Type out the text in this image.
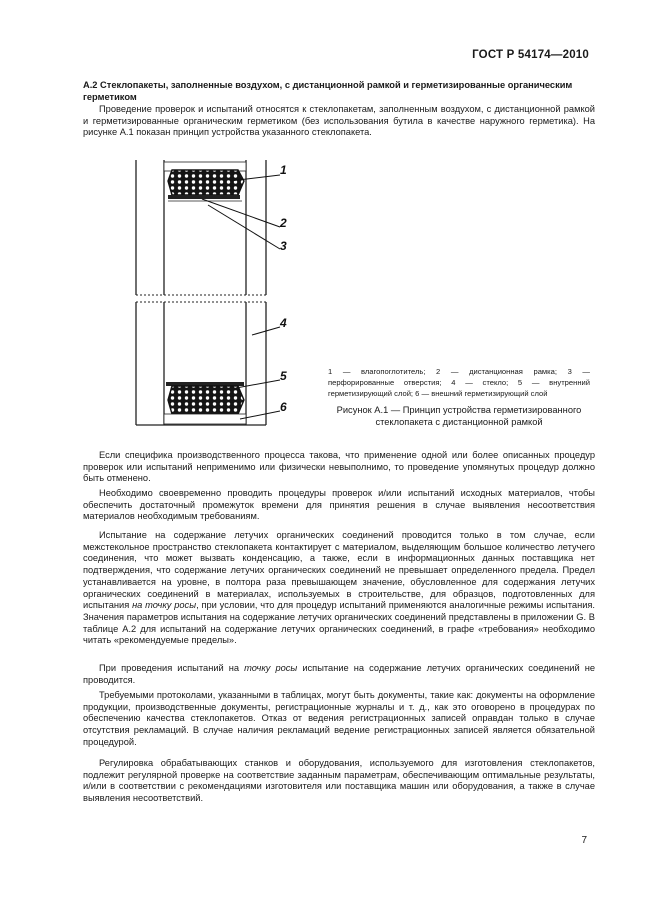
ГОСТ Р 54174—2010
А.2 Стеклопакеты, заполненные воздухом, с дистанционной рамкой и герметизированные органическим герметиком

Проведение проверок и испытаний относятся к стеклопакетам, заполненным воздухом, с дистанционной рамкой и герметизированные органическим герметиком (без использования бутила в качестве наружного герметика). На рисунке А.1 показан принцип устройства указанного стеклопакета.

1
2
3
4
5
6
1 — влагопоглотитель; 2 — дистанционная рамка; 3 — перфорированные отверстия; 4 — стекло; 5 — внутренний герметизирующий слой; 6 — внешний герметизирующий слой
Рисунок А.1 — Принцип устройства герметизированного стеклопакета с дистанционной рамкой

Если специфика производственного процесса такова, что применение одной или более описанных процедур проверок или испытаний неприменимо или физически невыполнимо, то проведение упомянутых процедур должно быть отменено.

Необходимо своевременно проводить процедуры проверок и/или испытаний исходных материалов, чтобы обеспечить достаточный промежуток времени для принятия решения в случае выявления несоответствия материалов необходимым требованиям.

Испытание на содержание летучих органических соединений проводится только в том случае, если межстекольное пространство стеклопакета контактирует с материалом, выделяющим большое количество летучего соединения, что может вызвать конденсацию, а также, если в информационных данных поставщика нет подтверждения, что содержание летучих органических соединений не превышает определенного предела. Предел устанавливается на уровне, в полтора раза превышающем значение, обусловленное для содержания летучих органических соединений в материалах, используемых в строительстве, для образцов, подготовленных для испытания на точку росы, при условии, что для процедур испытаний применяются аналогичные режимы испытания. Значения параметров испытания на содержание летучих органических соединений представлены в приложении G. В таблице А.2 для испытаний на содержание летучих органических соединений, в графе «требования» необходимо читать «рекомендуемые пределы».

При проведения испытаний на точку росы испытание на содержание летучих органических соединений не проводится.

Требуемыми протоколами, указанными в таблицах, могут быть документы, такие как: документы на оформление продукции, производственные документы, регистрационные журналы и т. д., как это оговорено в процедурах по обеспечению качества стеклопакетов. Отказ от ведения регистрационных записей оправдан только в случае отсутствия рекламаций. В случае наличия рекламаций ведение регистрационных записей является обязательной процедурой.

Регулировка обрабатывающих станков и оборудования, используемого для изготовления стеклопакетов, подлежит регулярной проверке на соответствие заданным параметрам, обеспечивающим оптимальные результаты, и/или в соответствии с рекомендациями изготовителя или поставщика машин или оборудования, а также в случае выявления несоответствий.

7
